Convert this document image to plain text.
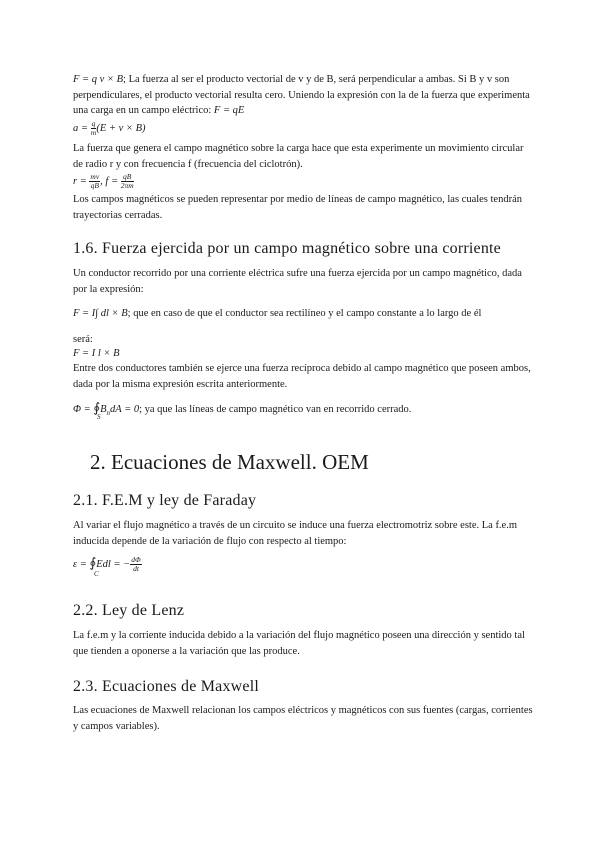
F = q v × B; La fuerza al ser el producto vectorial de v y de B, será perpendicular a ambas. Si B y v son perpendiculares, el producto vectorial resulta cero. Uniendo la expresión con la de la fuerza que experimenta una carga en un campo eléctrico: F = qE

$a = \frac{q}{m} (E + v \times B)$

La fuerza que genera el campo magnético sobre la carga hace que esta experimente un movimiento circular de radio r y con frecuencia f (frecuencia del ciclotrón).

$r = \frac{mv}{qB}$ , $f = \frac{qB}{2\pi m}$

Los campos magnéticos se pueden representar por medio de líneas de campo magnético, las cuales tendrán trayectorias cerradas.

1.6. Fuerza ejercida por un campo magnético sobre una corriente

Un conductor recorrido por una corriente eléctrica sufre una fuerza ejercida por un campo magnético, dada por la expresión:

F = I∫ dl × B; que en caso de que el conductor sea rectilíneo y el campo constante a lo largo de él

será:

F = I l × B

Entre dos conductores también se ejerce una fuerza recíproca debido al campo magnético que poseen ambos, dada por la misma expresión escrita anteriormente.

$\Phi = ∮B_ndA = 0$; ya que las líneas de campo magnético van en recorrido cerrado.

S
2. Ecuaciones de Maxwell. OEM
2.1. F.E.M y ley de Faraday

Al variar el flujo magnético a través de un circuito se induce una fuerza electromotriz sobre este. La f.e.m inducida depende de la variación de flujo con respecto al tiempo:

ε = ∮Edl = − $\frac{d\Phi}{dt}$
C
2.2. Ley de Lenz

La f.e.m y la corriente inducida debido a la variación del flujo magnético poseen una dirección y sentido tal que tienden a oponerse a la variación que las produce.

2.3. Ecuaciones de Maxwell

Las ecuaciones de Maxwell relacionan los campos eléctricos y magnéticos con sus fuentes (cargas, corrientes y campos variables).
